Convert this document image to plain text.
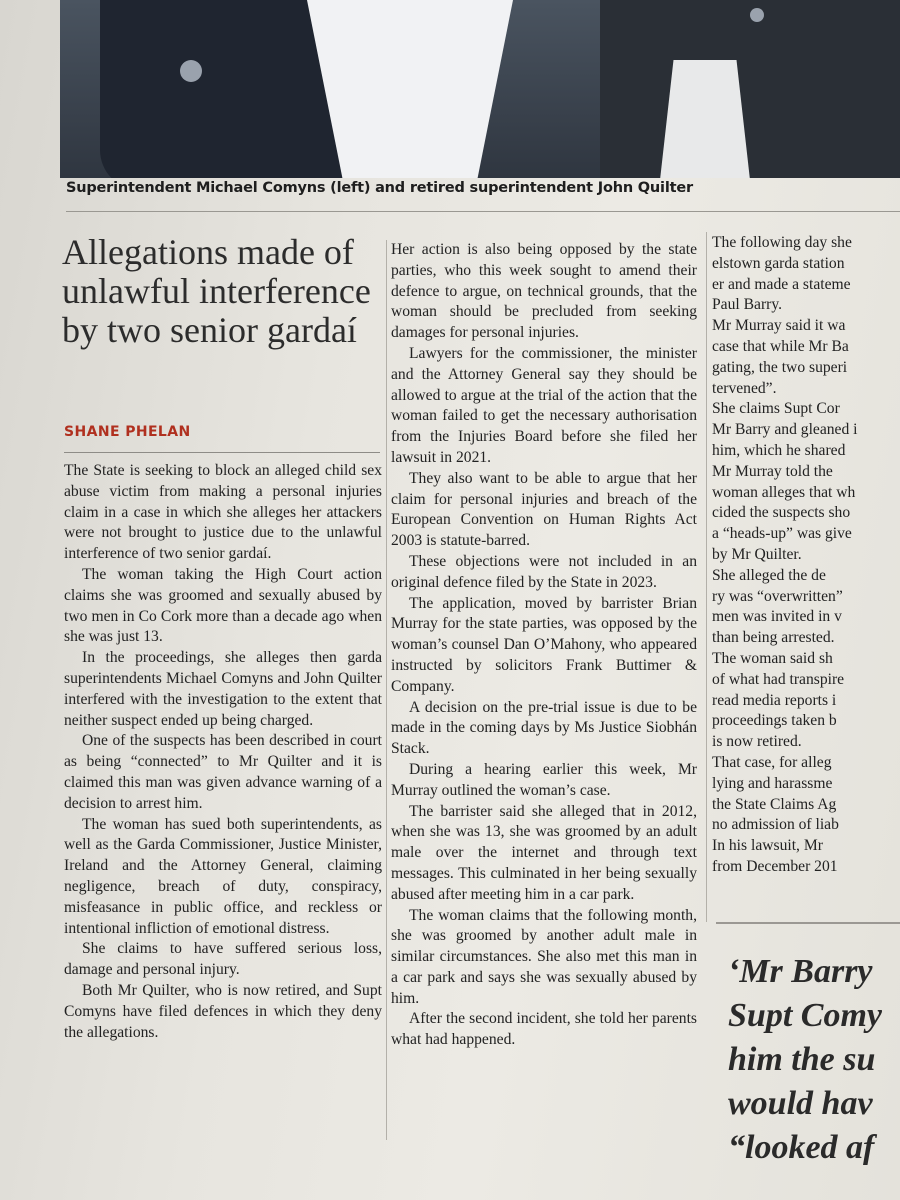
Superintendent Michael Comyns (left) and retired superintendent John Quilter
Allegations made of unlawful interference by two senior gardaí
SHANE PHELAN

The State is seeking to block an alleged child sex abuse victim from making a personal injuries claim in a case in which she alleges her attackers were not brought to justice due to the unlawful interference of two senior gardaí.

The woman taking the High Court action claims she was groomed and sexually abused by two men in Co Cork more than a decade ago when she was just 13.

In the proceedings, she alleges then garda superintendents Michael Comyns and John Quilter interfered with the investigation to the extent that neither suspect ended up being charged.

One of the suspects has been described in court as being “connected” to Mr Quilter and it is claimed this man was given advance warning of a decision to arrest him.

The woman has sued both superintendents, as well as the Garda Commissioner, Justice Minister, Ireland and the Attorney General, claiming negligence, breach of duty, conspiracy, misfeasance in public office, and reckless or intentional infliction of emotional distress.

She claims to have suffered serious loss, damage and personal injury.

Both Mr Quilter, who is now retired, and Supt Comyns have filed defences in which they deny the allegations.

Her action is also being opposed by the state parties, who this week sought to amend their defence to argue, on technical grounds, that the woman should be precluded from seeking damages for personal injuries.

Lawyers for the commissioner, the minister and the Attorney General say they should be allowed to argue at the trial of the action that the woman failed to get the necessary authorisation from the Injuries Board before she filed her lawsuit in 2021.

They also want to be able to argue that her claim for personal injuries and breach of the European Convention on Human Rights Act 2003 is statute-barred.

These objections were not included in an original defence filed by the State in 2023.

The application, moved by barrister Brian Murray for the state parties, was opposed by the woman’s counsel Dan O’Mahony, who appeared instructed by solicitors Frank Buttimer & Company.

A decision on the pre-trial issue is due to be made in the coming days by Ms Justice Siobhán Stack.

During a hearing earlier this week, Mr Murray outlined the woman’s case.

The barrister said she alleged that in 2012, when she was 13, she was groomed by an adult male over the internet and through text messages. This culminated in her being sexually abused after meeting him in a car park.

The woman claims that the following month, she was groomed by another adult male in similar circumstances. She also met this man in a car park and says she was sexually abused by him.

After the second incident, she told her parents what had happened.

The following day she
elstown garda station
er and made a stateme
Paul Barry.
Mr Murray said it wa
case that while Mr Ba
gating, the two superi
tervened”.
She claims Supt Cor
Mr Barry and gleaned i
him, which he shared
Mr Murray told the
woman alleges that wh
cided the suspects sho
a “heads-up” was give
by Mr Quilter.
She alleged the de
ry was “overwritten”
men was invited in v
than being arrested.
The woman said sh
of what had transpire
read media reports i
proceedings taken b
is now retired.
That case, for alleg
lying and harassme
the State Claims Ag
no admission of liab
In his lawsuit, Mr
from December 201
‘Mr Barry
Supt Comy
him the su
would hav
“looked af
